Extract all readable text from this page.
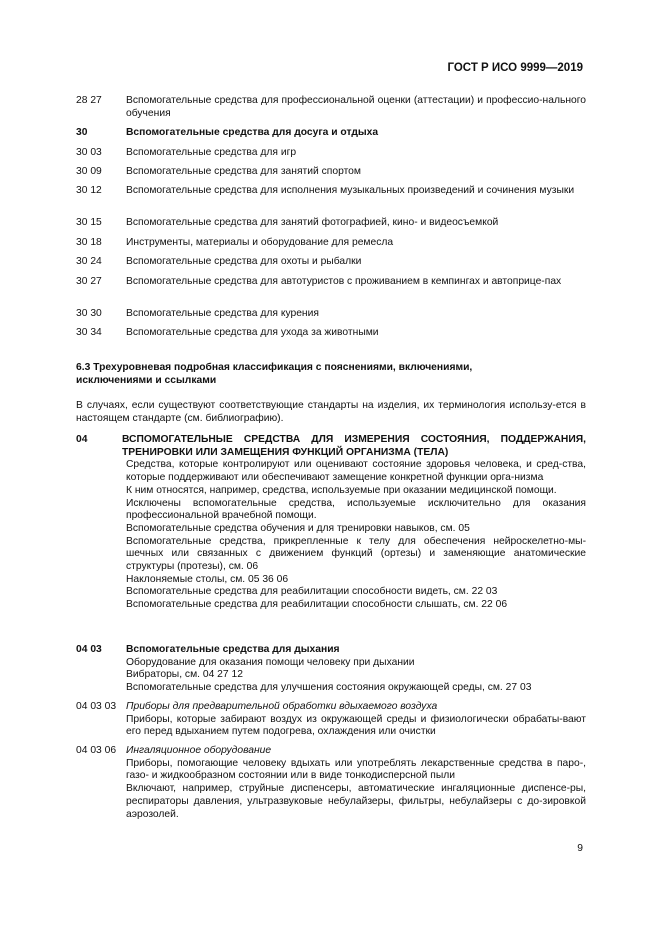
ГОСТ Р ИСО 9999—2019
28 27 Вспомогательные средства для профессиональной оценки (аттестации) и профессио-нального обучения
30	Вспомогательные средства для досуга и отдыха
30 03 Вспомогательные средства для игр
30 09 Вспомогательные средства для занятий спортом
30 12 Вспомогательные средства для исполнения музыкальных произведений и сочинения музыки
30 15 Вспомогательные средства для занятий фотографией, кино- и видеосъемкой
30 18 Инструменты, материалы и оборудование для ремесла
30 24 Вспомогательные средства для охоты и рыбалки
30 27 Вспомогательные средства для автотуристов с проживанием в кемпингах и автоприце-пах
30 30 Вспомогательные средства для курения
30 34 Вспомогательные средства для ухода за животными
6.3 Трехуровневая подробная классификация с пояснениями, включениями, исключениями и ссылками

В случаях, если существуют соответствующие стандарты на изделия, их терминология использу-ется в настоящем стандарте (см. библиографию).

04	ВСПОМОГАТЕЛЬНЫЕ СРЕДСТВА ДЛЯ ИЗМЕРЕНИЯ СОСТОЯНИЯ, ПОДДЕРЖАНИЯ, ТРЕНИРОВКИ ИЛИ ЗАМЕЩЕНИЯ ФУНКЦИЙ ОРГАНИЗМА (ТЕЛА)

Средства, которые контролируют или оценивают состояние здоровья человека, и сред-ства, которые поддерживают или обеспечивают замещение конкретной функции орга-низма

К ним относятся, например, средства, используемые при оказании медицинской помощи.

Исключены вспомогательные средства, используемые исключительно для оказания профессиональной врачебной помощи.

Вспомогательные средства обучения и для тренировки навыков, см. 05

Вспомогательные средства, прикрепленные к телу для обеспечения нейроскелетно-мы-шечных или связанных с движением функций (ортезы) и заменяющие анатомические структуры (протезы), см. 06

Наклоняемые столы, см. 05 36 06

Вспомогательные средства для реабилитации способности видеть, см. 22 03

Вспомогательные средства для реабилитации способности слышать, см. 22 06

04 03 Вспомогательные средства для дыхания

Оборудование для оказания помощи человеку при дыхании

Вибраторы, см. 04 27 12

Вспомогательные средства для улучшения состояния окружающей среды, см. 27 03

04 03 03 Приборы для предварительной обработки вдыхаемого воздуха

Приборы, которые забирают воздух из окружающей среды и физиологически обрабаты-вают его перед вдыханием путем подогрева, охлаждения или очистки

04 03 06 Ингаляционное оборудование

Приборы, помогающие человеку вдыхать или употреблять лекарственные средства в паро-, газо- и жидкообразном состоянии или в виде тонкодисперсной пыли

Включают, например, струйные диспенсеры, автоматические ингаляционные диспенсе-ры, респираторы давления, ультразвуковые небулайзеры, фильтры, небулайзеры с до-зировкой аэрозолей.

9
